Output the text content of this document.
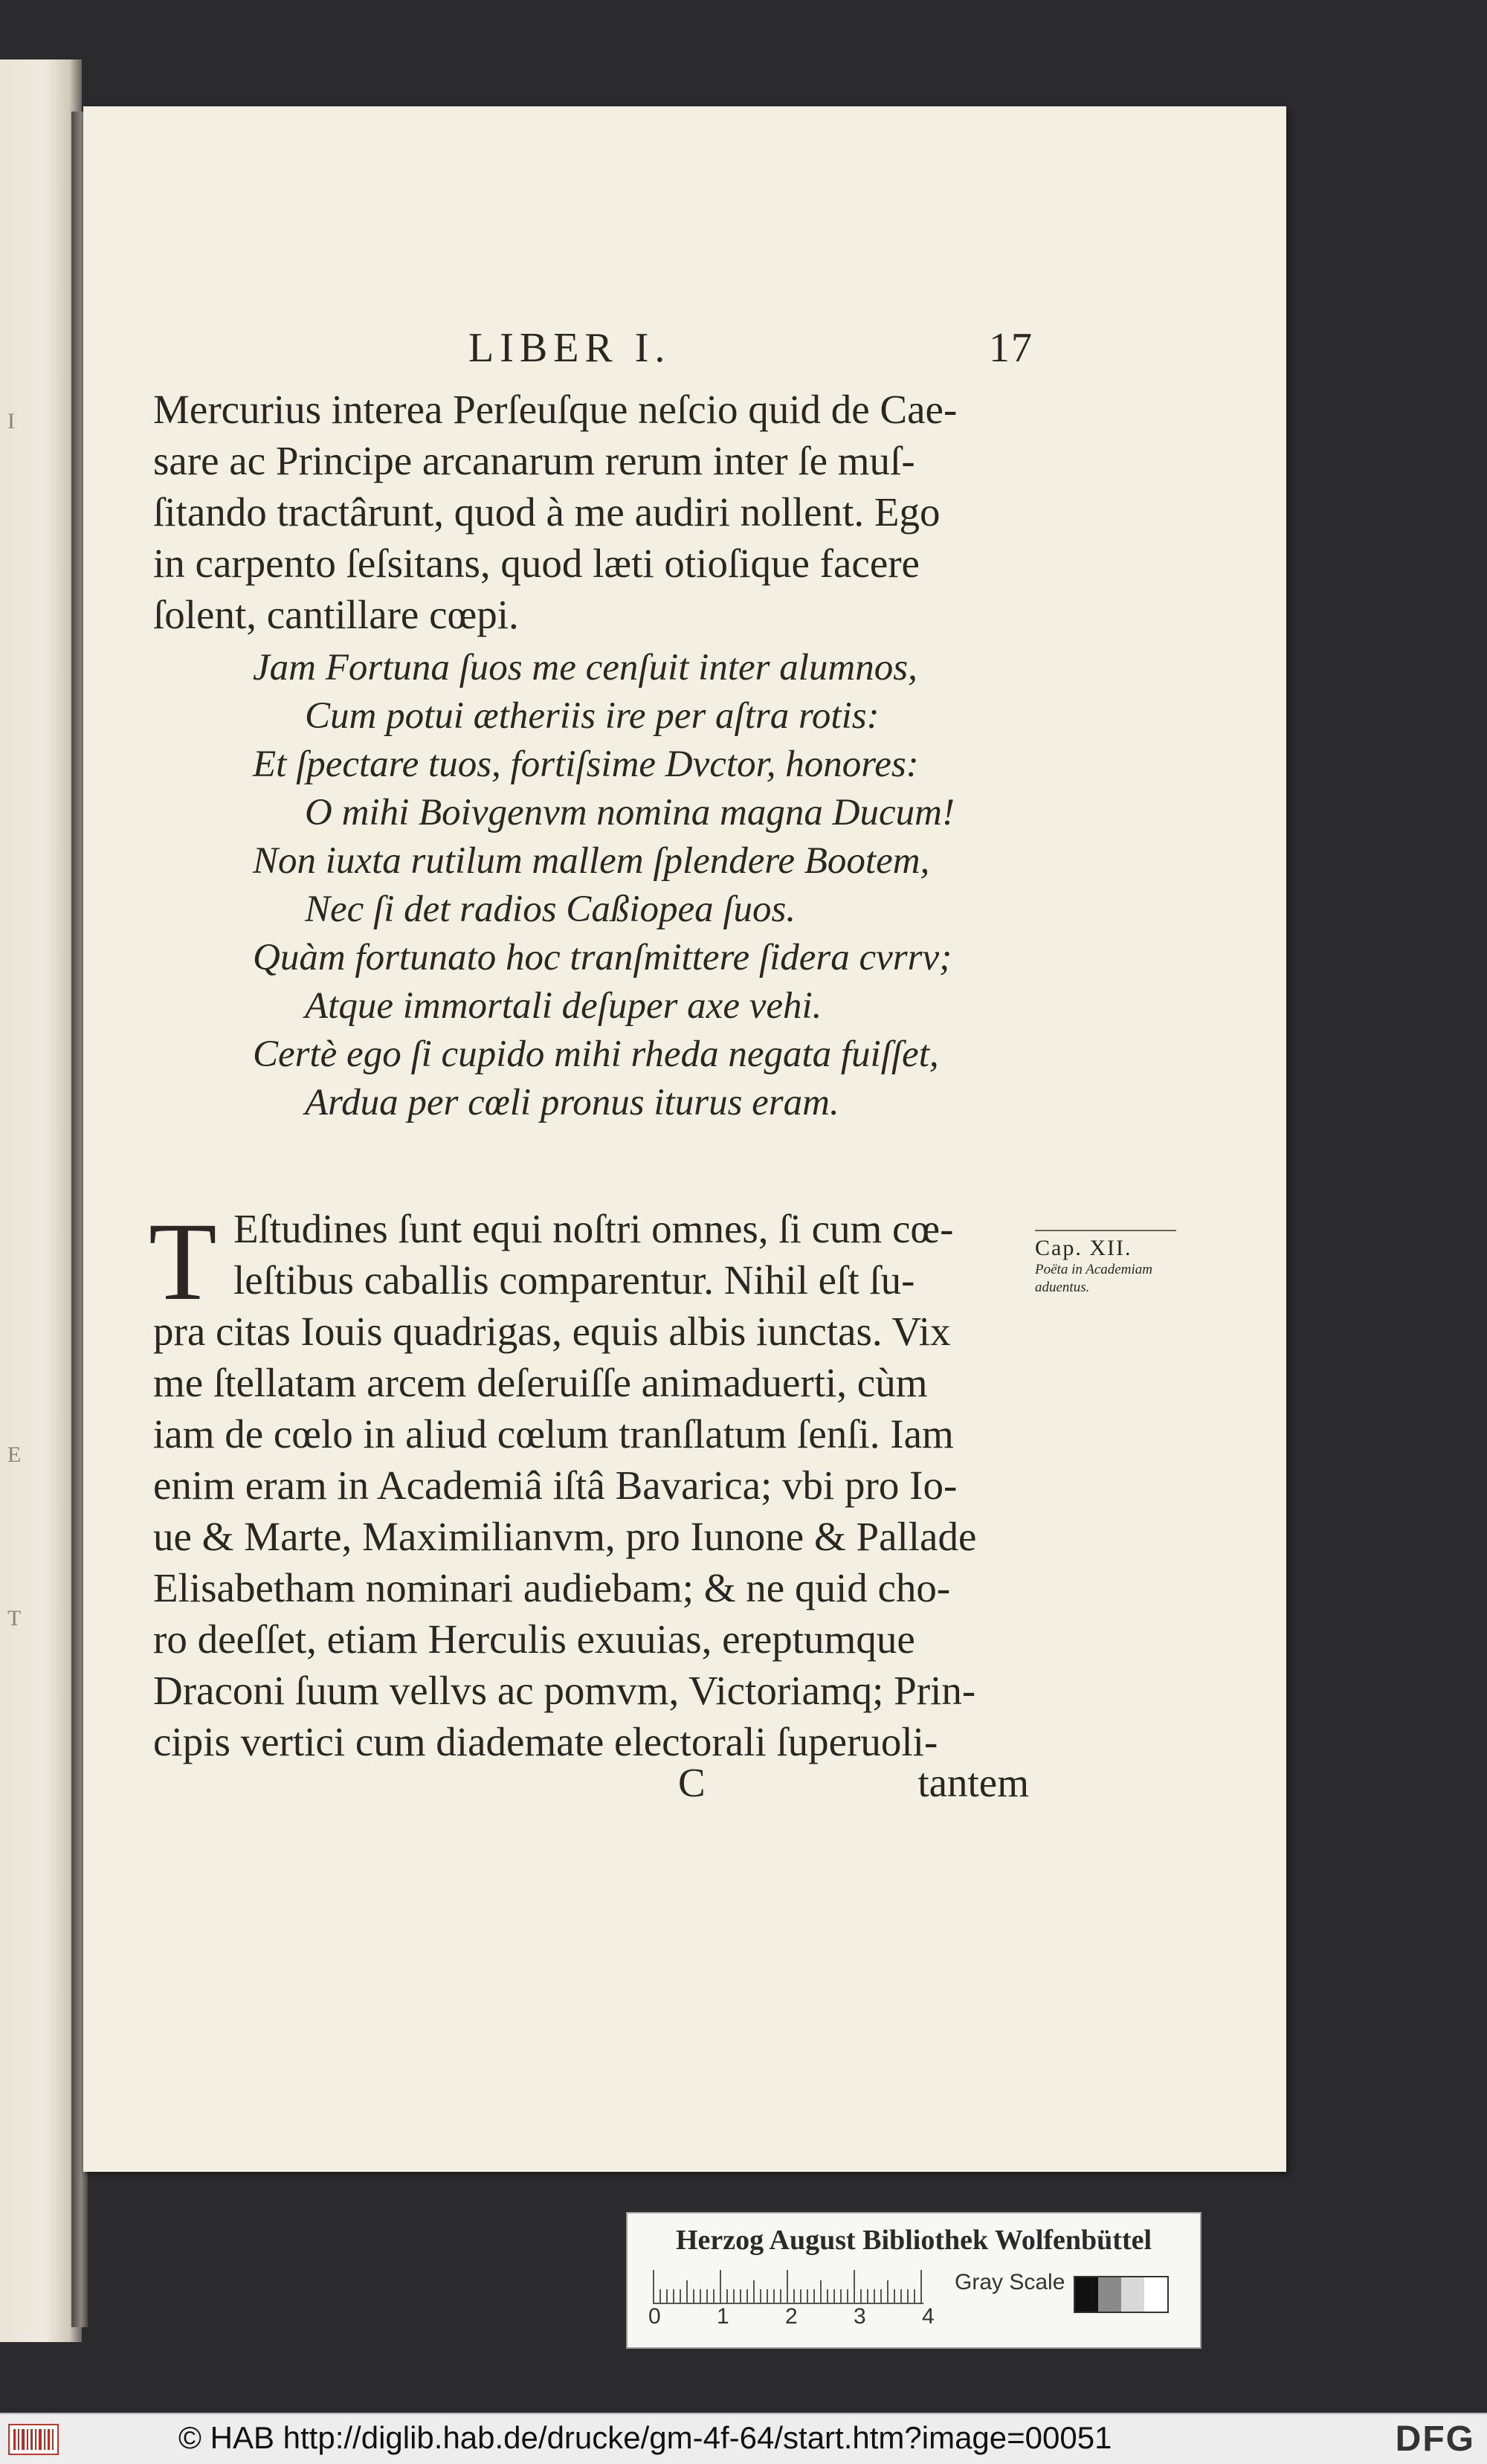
I
E
T
LIBER I.	17
Mercurius interea Perſeuſque neſcio quid de Cae-
sare ac Principe arcanarum rerum inter ſe muſ-
ſitando tractârunt, quod à me audiri nollent. Ego
in carpento ſeſsitans, quod læti otioſique facere
ſolent, cantillare cœpi.
Jam Fortuna ſuos me cenſuit inter alumnos,
Cum potui ætheriis ire per aſtra rotis:
Et ſpectare tuos, fortiſsime Dvctor, honores:
O mihi Boivgenvm nomina magna Ducum!
Non iuxta rutilum mallem ſplendere Bootem,
Nec ſi det radios Caßiopea ſuos.
Quàm fortunato hoc tranſmittere ſidera cvrrv;
Atque immortali deſuper axe vehi.
Certè ego ſi cupido mihi rheda negata fuiſſet,
Ardua per cœli pronus iturus eram.
T Eſtudines ſunt equi noſtri omnes, ſi cum cœ-
leſtibus caballis comparentur. Nihil eſt ſu-
pra citas Iouis quadrigas, equis albis iunctas. Vix
me ſtellatam arcem deſeruiſſe animaduerti, cùm
iam de cœlo in aliud cœlum tranſlatum ſenſi. Iam
enim eram in Academiâ iſtâ Bavarica; vbi pro Io-
ue & Marte, Maximilianvm, pro Iunone & Pallade
Elisabetham nominari audiebam; & ne quid cho-
ro deeſſet, etiam Herculis exuuias, ereptumque
Draconi ſuum vellvs ac pomvm, Victoriamq; Prin-
cipis vertici cum diademate electorali ſuperuoli-
Cap. XII.
Poëta in Academiam aduentus.
C	tantem
Herzog August Bibliothek Wolfenbüttel
0	1	2	3	4
Gray Scale
© HAB http://diglib.hab.de/drucke/gm-4f-64/start.htm?image=00051	DFG
